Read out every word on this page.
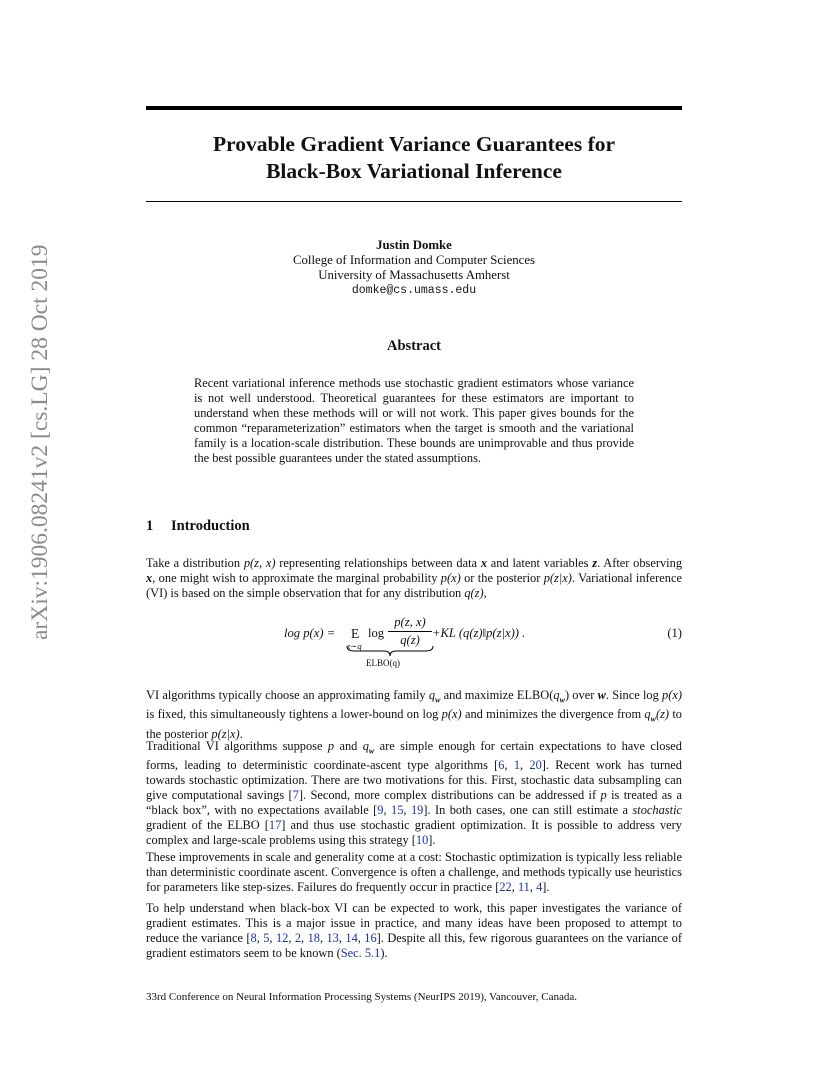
arXiv:1906.08241v2 [cs.LG] 28 Oct 2019
Provable Gradient Variance Guarantees for
Black-Box Variational Inference
Justin Domke
College of Information and Computer Sciences
University of Massachusetts Amherst
domke@cs.umass.edu
Abstract
Recent variational inference methods use stochastic gradient estimators whose variance is not well understood. Theoretical guarantees for these estimators are important to understand when these methods will or will not work. This paper gives bounds for the common “reparameterization” estimators when the target is smooth and the variational family is a location-scale distribution. These bounds are unimprovable and thus provide the best possible guarantees under the stated assumptions.
1 Introduction
Take a distribution p(z, x) representing relationships between data x and latent variables z. After observing x, one might wish to approximate the marginal probability p(x) or the posterior p(z|x). Variational inference (VI) is based on the simple observation that for any distribution q(z),
log p(x) = E
z∼q
log
p(z, x)
q(z) +KL (q(z)‖p(z|x)) .
ELBO(q)
(1)
VI algorithms typically choose an approximating family $q_w$ and maximize $ELBO(q_w)$ over w. Since log p(x) is fixed, this simultaneously tightens a lower-bound on log p(x) and minimizes the divergence from $q_w(z)$ to the posterior p(z|x).
Traditional VI algorithms suppose p and $q_w$ are simple enough for certain expectations to have closed forms, leading to deterministic coordinate-ascent type algorithms [6, 1, 20]. Recent work has turned towards stochastic optimization. There are two motivations for this. First, stochastic data subsampling can give computational savings [7]. Second, more complex distributions can be addressed if p is treated as a “black box”, with no expectations available [9, 15, 19]. In both cases, one can still estimate a stochastic gradient of the ELBO [17] and thus use stochastic gradient optimization. It is possible to address very complex and large-scale problems using this strategy [10].
These improvements in scale and generality come at a cost: Stochastic optimization is typically less reliable than deterministic coordinate ascent. Convergence is often a challenge, and methods typically use heuristics for parameters like step-sizes. Failures do frequently occur in practice [22, 11, 4].
To help understand when black-box VI can be expected to work, this paper investigates the variance of gradient estimates. This is a major issue in practice, and many ideas have been proposed to attempt to reduce the variance [8, 5, 12, 2, 18, 13, 14, 16]. Despite all this, few rigorous guarantees on the variance of gradient estimators seem to be known (Sec. 5.1).
33rd Conference on Neural Information Processing Systems (NeurIPS 2019), Vancouver, Canada.
